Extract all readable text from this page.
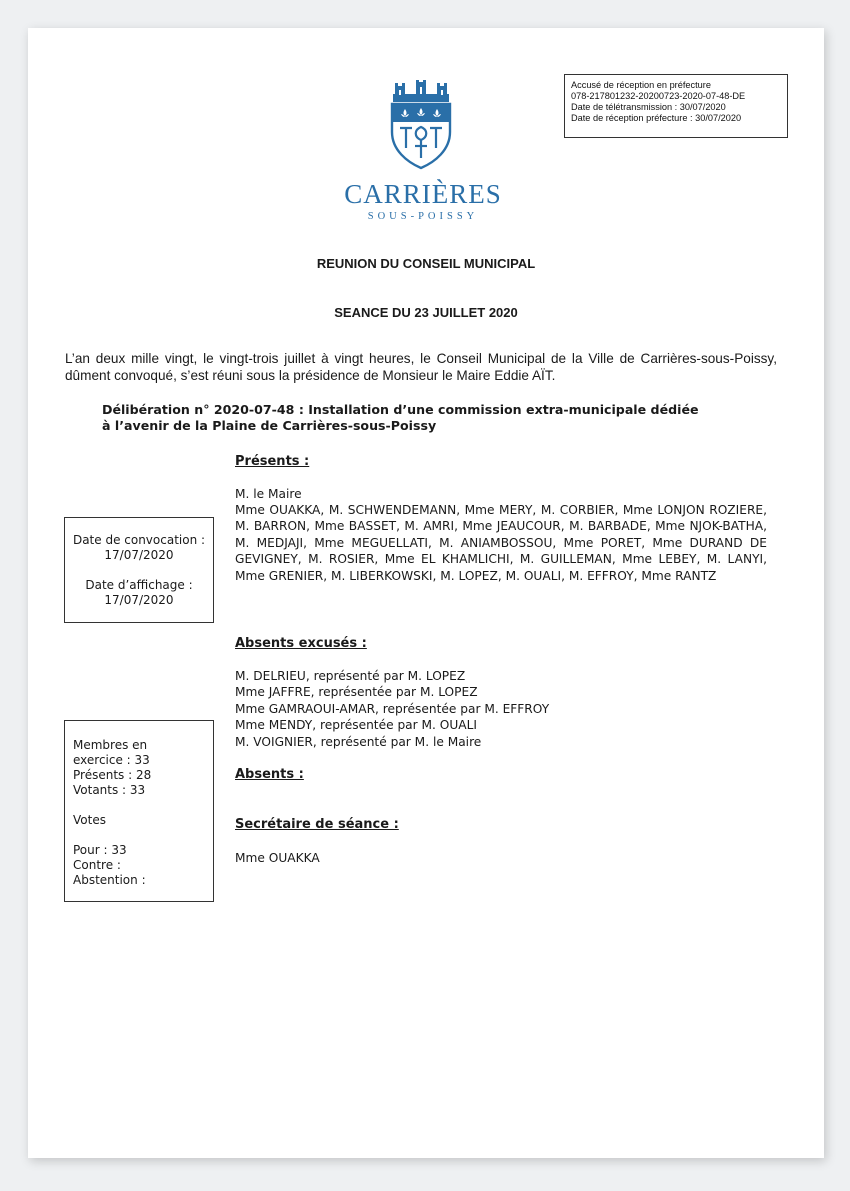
Accusé de réception en préfecture
078-217801232-20200723-2020-07-48-DE
Date de télétransmission : 30/07/2020
Date de réception préfecture : 30/07/2020
CARRIÈRES
SOUS-POISSY
REUNION DU CONSEIL MUNICIPAL
SEANCE DU 23 JUILLET 2020
L’an deux mille vingt, le vingt-trois juillet à vingt heures, le Conseil Municipal de la Ville de Carrières-sous-Poissy, dûment convoqué, s’est réuni sous la présidence de Monsieur le Maire Eddie AÏT.
Délibération n° 2020-07-48 : Installation d’une commission extra-municipale dédiée
à l’avenir de la Plaine de Carrières-sous-Poissy
Présents :
M. le Maire
Mme OUAKKA, M. SCHWENDEMANN, Mme MERY, M. CORBIER, Mme LONJON ROZIERE, M. BARRON, Mme BASSET, M. AMRI, Mme JEAUCOUR, M. BARBADE, Mme NJOK-BATHA, M. MEDJAJI, Mme MEGUELLATI, M. ANIAMBOSSOU, Mme PORET, Mme DURAND DE GEVIGNEY, M. ROSIER, Mme EL KHAMLICHI, M. GUILLEMAN, Mme LEBEY, M. LANYI, Mme GRENIER, M. LIBERKOWSKI, M. LOPEZ, M. OUALI, M. EFFROY, Mme RANTZ
Absents excusés :
M. DELRIEU, représenté par M. LOPEZ
Mme JAFFRE, représentée par M. LOPEZ
Mme GAMRAOUI-AMAR, représentée par M. EFFROY
Mme MENDY, représentée par M. OUALI
M. VOIGNIER, représenté par M. le Maire
Absents :
Secrétaire de séance :
Mme OUAKKA
Date de convocation :
17/07/2020
Date d’affichage :
17/07/2020
Membres en
exercice : 33
Présents : 28
Votants : 33
Votes
Pour : 33
Contre :
Abstention :
